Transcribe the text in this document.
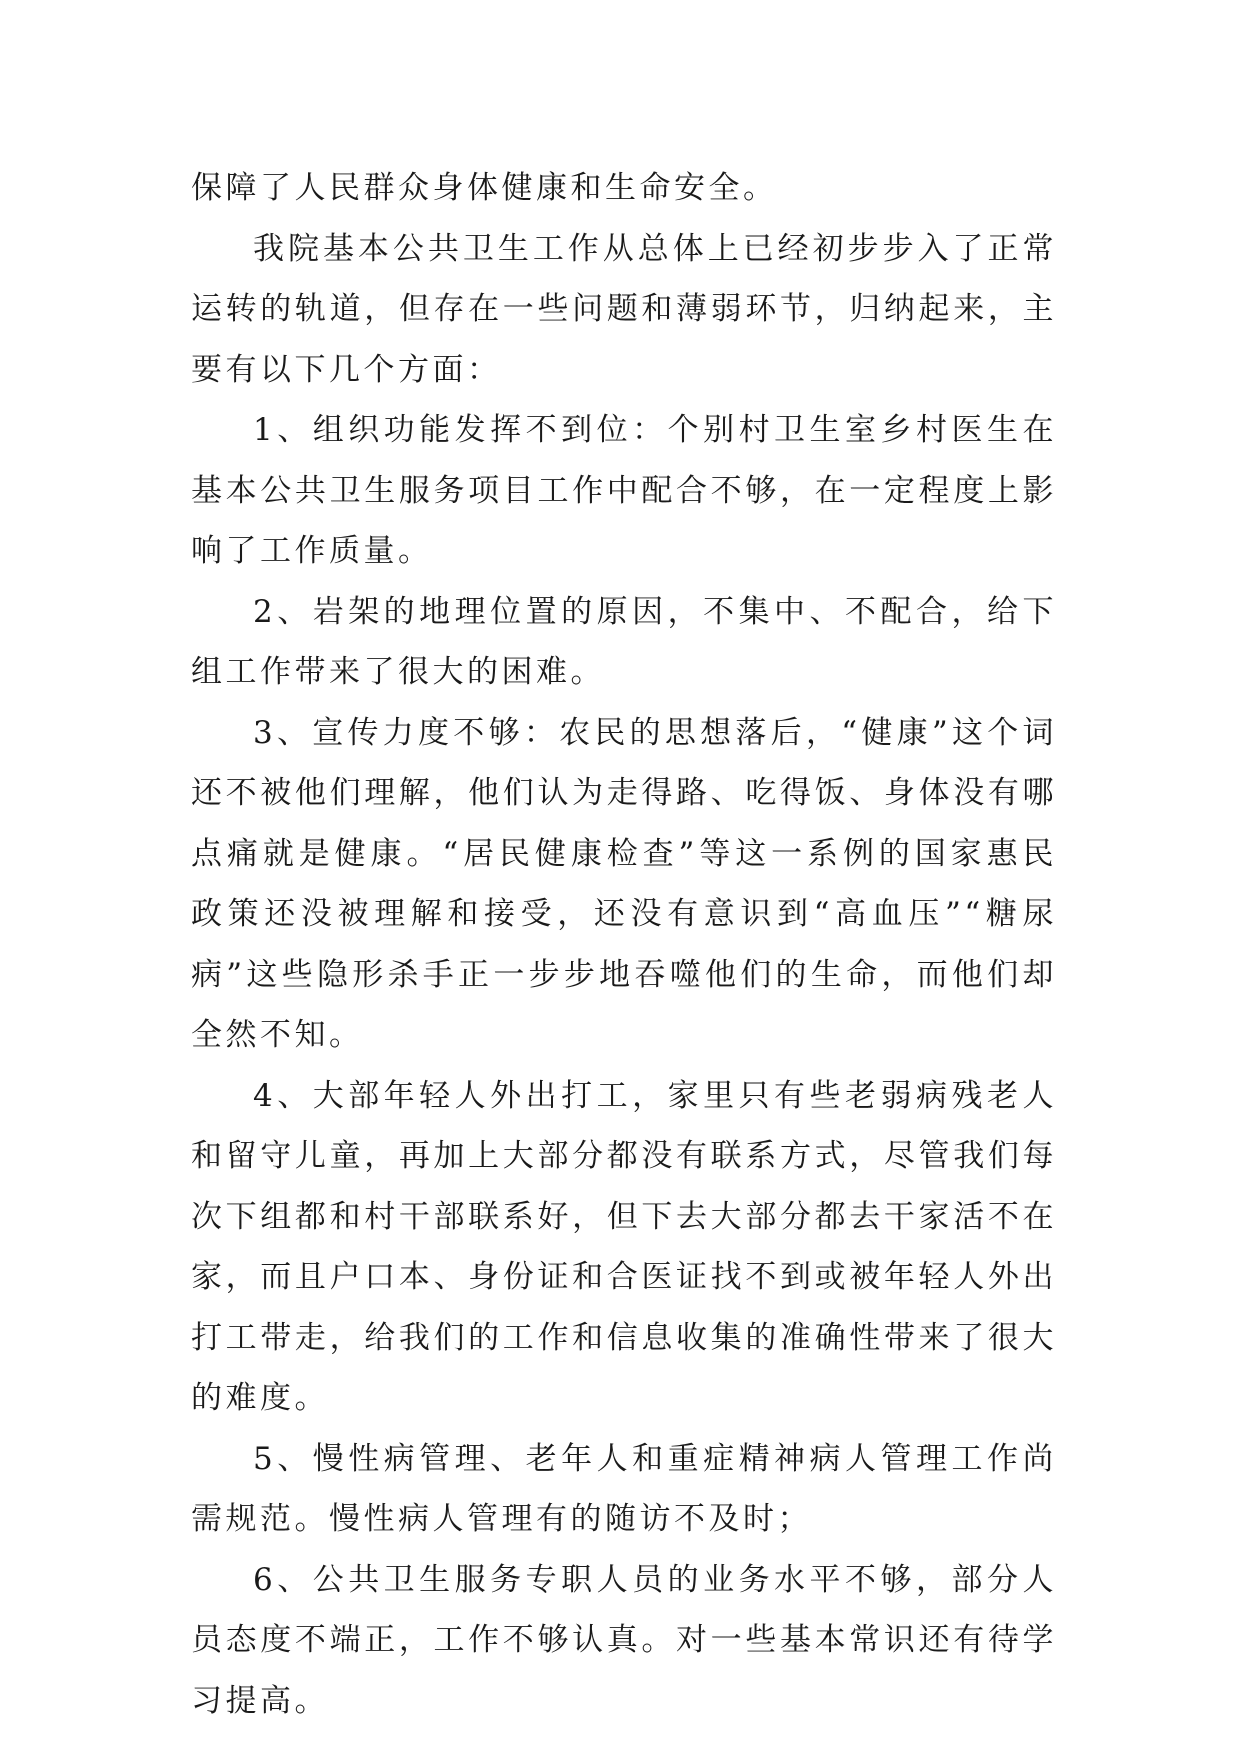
保障了人民群众身体健康和生命安全。

我院基本公共卫生工作从总体上已经初步步入了正常运转的轨道，但存在一些问题和薄弱环节，归纳起来，主要有以下几个方面：

1、组织功能发挥不到位：个别村卫生室乡村医生在基本公共卫生服务项目工作中配合不够，在一定程度上影响了工作质量。

2、岩架的地理位置的原因，不集中、不配合，给下组工作带来了很大的困难。

3、宣传力度不够：农民的思想落后，“健康”这个词还不被他们理解，他们认为走得路、吃得饭、身体没有哪点痛就是健康。“居民健康检查”等这一系例的国家惠民政策还没被理解和接受，还没有意识到“高血压”“糖尿病”这些隐形杀手正一步步地吞噬他们的生命，而他们却全然不知。

4、大部年轻人外出打工，家里只有些老弱病残老人和留守儿童，再加上大部分都没有联系方式，尽管我们每次下组都和村干部联系好，但下去大部分都去干家活不在家，而且户口本、身份证和合医证找不到或被年轻人外出打工带走，给我们的工作和信息收集的准确性带来了很大的难度。

5、慢性病管理、老年人和重症精神病人管理工作尚需规范。慢性病人管理有的随访不及时；

6、公共卫生服务专职人员的业务水平不够，部分人员态度不端正，工作不够认真。对一些基本常识还有待学习提高。
